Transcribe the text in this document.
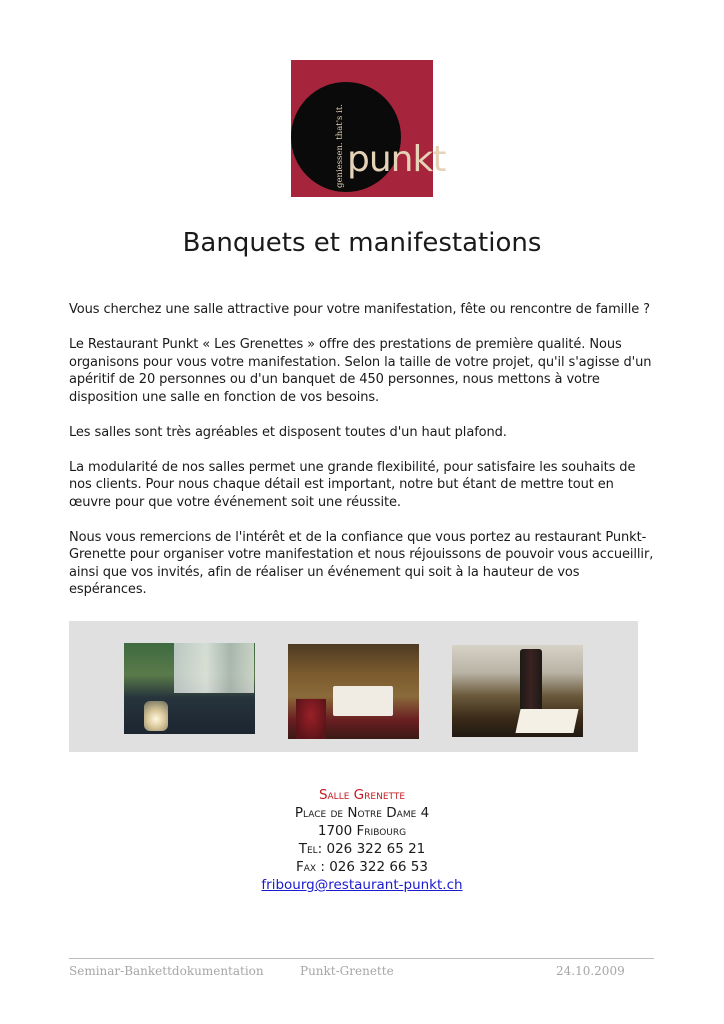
geniessen. that's it. punkt
Banquets et manifestations

Vous cherchez une salle attractive pour votre manifestation, fête ou rencontre de famille ?

Le Restaurant Punkt « Les Grenettes » offre des prestations de première qualité. Nous organisons pour vous votre manifestation. Selon la taille de votre projet, qu'il s'agisse d'un apéritif de 20 personnes ou d'un banquet de 450 personnes, nous mettons à votre disposition une salle en fonction de vos besoins.

Les salles sont très agréables et disposent toutes d'un haut plafond.

La modularité de nos salles permet une grande flexibilité, pour satisfaire les souhaits de nos clients. Pour nous chaque détail est important, notre but étant de mettre tout en œuvre pour que votre événement soit une réussite.

Nous vous remercions de l'intérêt et de la confiance que vous portez au restaurant Punkt-Grenette pour organiser votre manifestation et nous réjouissons de pouvoir vous accueillir, ainsi que vos invités, afin de réaliser un événement qui soit à la hauteur de vos espérances.

Salle Grenette
Place de Notre Dame 4
1700 Fribourg
Tel: 026 322 65 21
Fax : 026 322 66 53
fribourg@restaurant-punkt.ch
Seminar-Bankettdokumentation	Punkt-Grenette	24.10.2009
